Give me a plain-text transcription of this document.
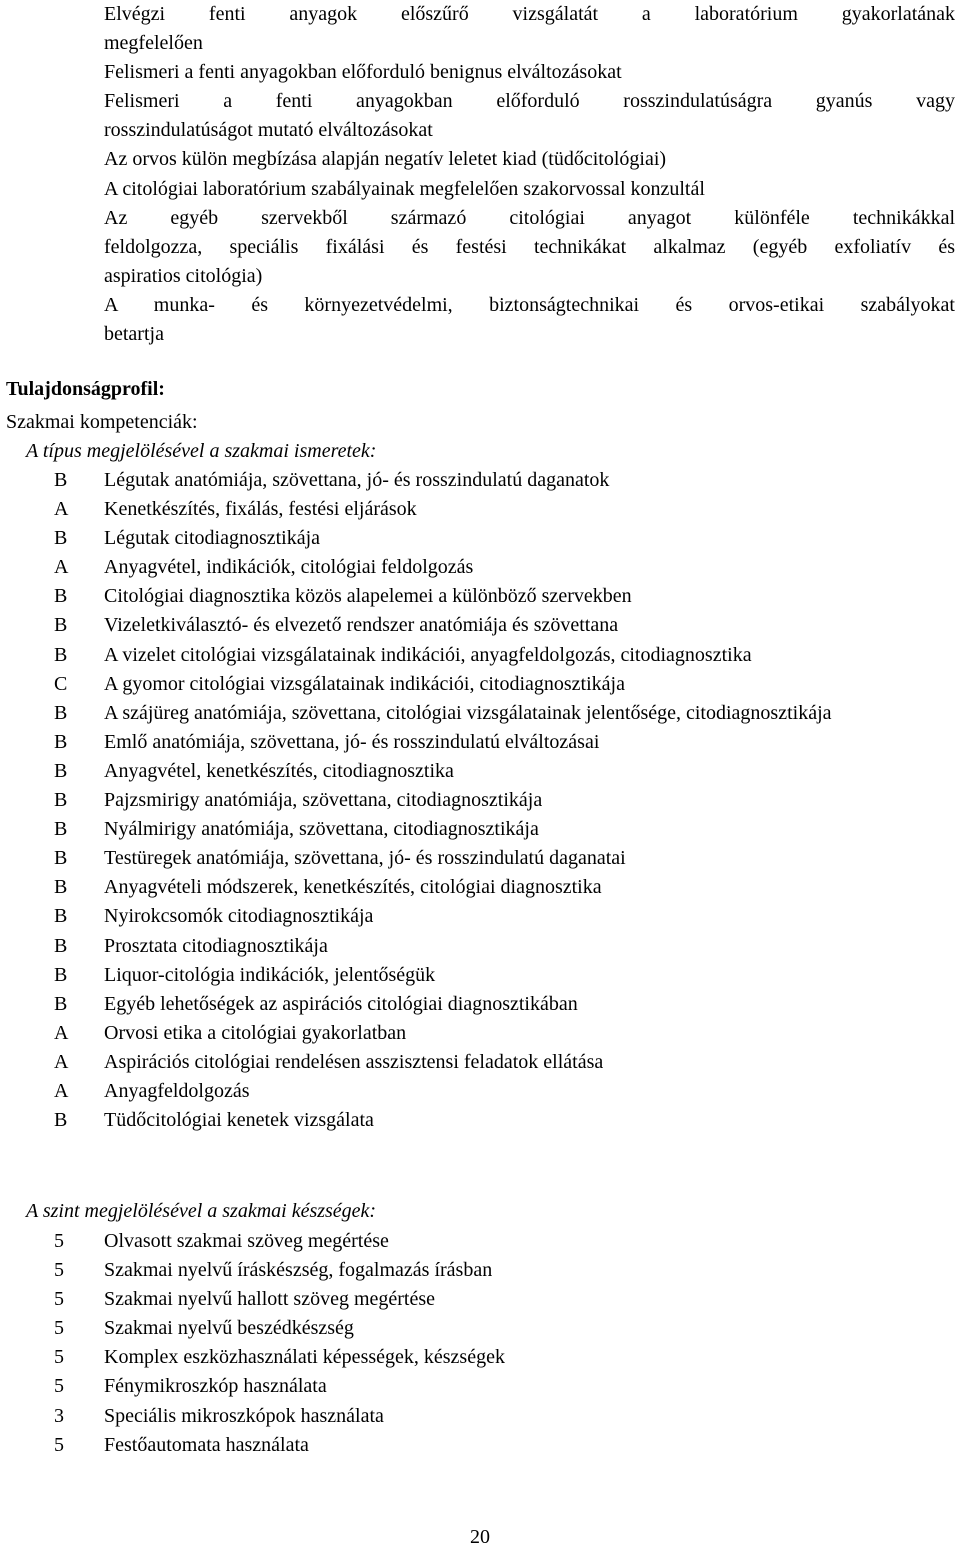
Elvégzi fenti anyagok előszűrő vizsgálatát a laboratórium gyakorlatának
megfelelően
Felismeri a fenti anyagokban előforduló benignus elváltozásokat
Felismeri a fenti anyagokban előforduló rosszindulatúságra gyanús vagy
rosszindulatúságot mutató elváltozásokat
Az orvos külön megbízása alapján negatív leletet kiad (tüdőcitológiai)
A citológiai laboratórium szabályainak megfelelően szakorvossal konzultál
Az egyéb szervekből származó citológiai anyagot különféle technikákkal
feldolgozza, speciális fixálási és festési technikákat alkalmaz (egyéb exfoliatív és
aspiratios citológia)
A munka- és környezetvédelmi, biztonságtechnikai és orvos-etikai szabályokat
betartja
Tulajdonságprofil:
Szakmai kompetenciák:
A típus megjelölésével a szakmai ismeretek:
B	Légutak anatómiája, szövettana, jó- és rosszindulatú daganatok
A	Kenetkészítés, fixálás, festési eljárások
B	Légutak citodiagnosztikája
A	Anyagvétel, indikációk, citológiai feldolgozás
B	Citológiai diagnosztika közös alapelemei a különböző szervekben
B	Vizeletkiválasztó- és elvezető rendszer anatómiája és szövettana
B	A vizelet citológiai vizsgálatainak indikációi, anyagfeldolgozás, citodiagnosztika
C	A gyomor citológiai vizsgálatainak indikációi, citodiagnosztikája
B	A szájüreg anatómiája, szövettana, citológiai vizsgálatainak jelentősége, citodiagnosztikája
B	Emlő anatómiája, szövettana, jó- és rosszindulatú elváltozásai
B	Anyagvétel, kenetkészítés, citodiagnosztika
B	Pajzsmirigy anatómiája, szövettana, citodiagnosztikája
B	Nyálmirigy anatómiája, szövettana, citodiagnosztikája
B	Testüregek anatómiája, szövettana, jó- és rosszindulatú daganatai
B	Anyagvételi módszerek, kenetkészítés, citológiai diagnosztika
B	Nyirokcsomók citodiagnosztikája
B	Prosztata citodiagnosztikája
B	Liquor-citológia indikációk, jelentőségük
B	Egyéb lehetőségek az aspirációs citológiai diagnosztikában
A	Orvosi etika a citológiai gyakorlatban
A	Aspirációs citológiai rendelésen asszisztensi feladatok ellátása
A	Anyagfeldolgozás
B	Tüdőcitológiai kenetek vizsgálata
A szint megjelölésével a szakmai készségek:
5	Olvasott szakmai szöveg megértése
5	Szakmai nyelvű íráskészség, fogalmazás írásban
5	Szakmai nyelvű hallott szöveg megértése
5	Szakmai nyelvű beszédkészség
5	Komplex eszközhasználati képességek, készségek
5	Fénymikroszkóp használata
3	Speciális mikroszkópok használata
5	Festőautomata használata
20
